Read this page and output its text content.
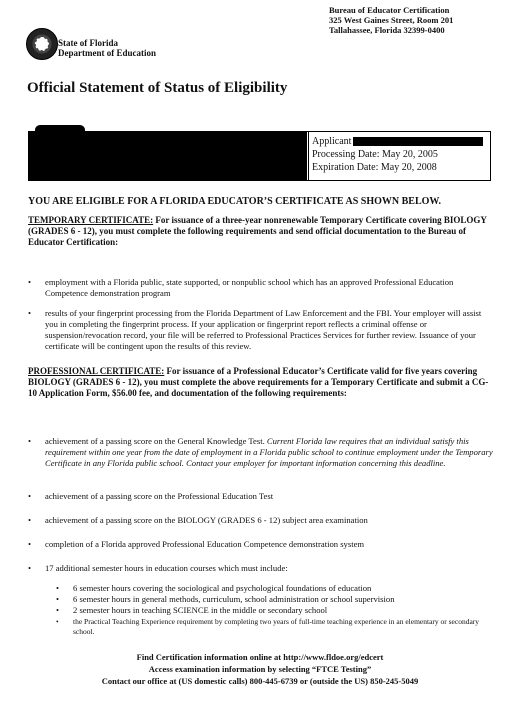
State of Florida
Department of Education
Bureau of Educator Certification
325 West Gaines Street, Room 201
Tallahassee, Florida 32399-0400
Official Statement of Status of Eligibility
Applicant
Processing Date: May 20, 2005
Expiration Date: May 20, 2008
YOU ARE ELIGIBLE FOR A FLORIDA EDUCATOR’S CERTIFICATE AS SHOWN BELOW.
TEMPORARY CERTIFICATE: For issuance of a three-year nonrenewable Temporary Certificate covering BIOLOGY (GRADES 6 - 12), you must complete the following requirements and send official documentation to the Bureau of Educator Certification:
• employment with a Florida public, state supported, or nonpublic school which has an approved Professional Education Competence demonstration program
• results of your fingerprint processing from the Florida Department of Law Enforcement and the FBI. Your employer will assist you in completing the fingerprint process. If your application or fingerprint report reflects a criminal offense or suspension/revocation record, your file will be referred to Professional Practices Services for further review. Issuance of your certificate will be contingent upon the results of this review.
PROFESSIONAL CERTIFICATE: For issuance of a Professional Educator’s Certificate valid for five years covering BIOLOGY (GRADES 6 - 12), you must complete the above requirements for a Temporary Certificate and submit a CG-10 Application Form, $56.00 fee, and documentation of the following requirements:
• achievement of a passing score on the General Knowledge Test. Current Florida law requires that an individual satisfy this requirement within one year from the date of employment in a Florida public school to continue employment under the Temporary Certificate in any Florida public school. Contact your employer for important information concerning this deadline.
• achievement of a passing score on the Professional Education Test
• achievement of a passing score on the BIOLOGY (GRADES 6 - 12) subject area examination
• completion of a Florida approved Professional Education Competence demonstration system
• 17 additional semester hours in education courses which must include:
• 6 semester hours covering the sociological and psychological foundations of education
• 6 semester hours in general methods, curriculum, school administration or school supervision
• 2 semester hours in teaching SCIENCE in the middle or secondary school
• the Practical Teaching Experience requirement by completing two years of full-time teaching experience in an elementary or secondary school.
Find Certification information online at http://www.fldoe.org/edcert
Access examination information by selecting “FTCE Testing”
Contact our office at (US domestic calls) 800-445-6739 or (outside the US) 850-245-5049
